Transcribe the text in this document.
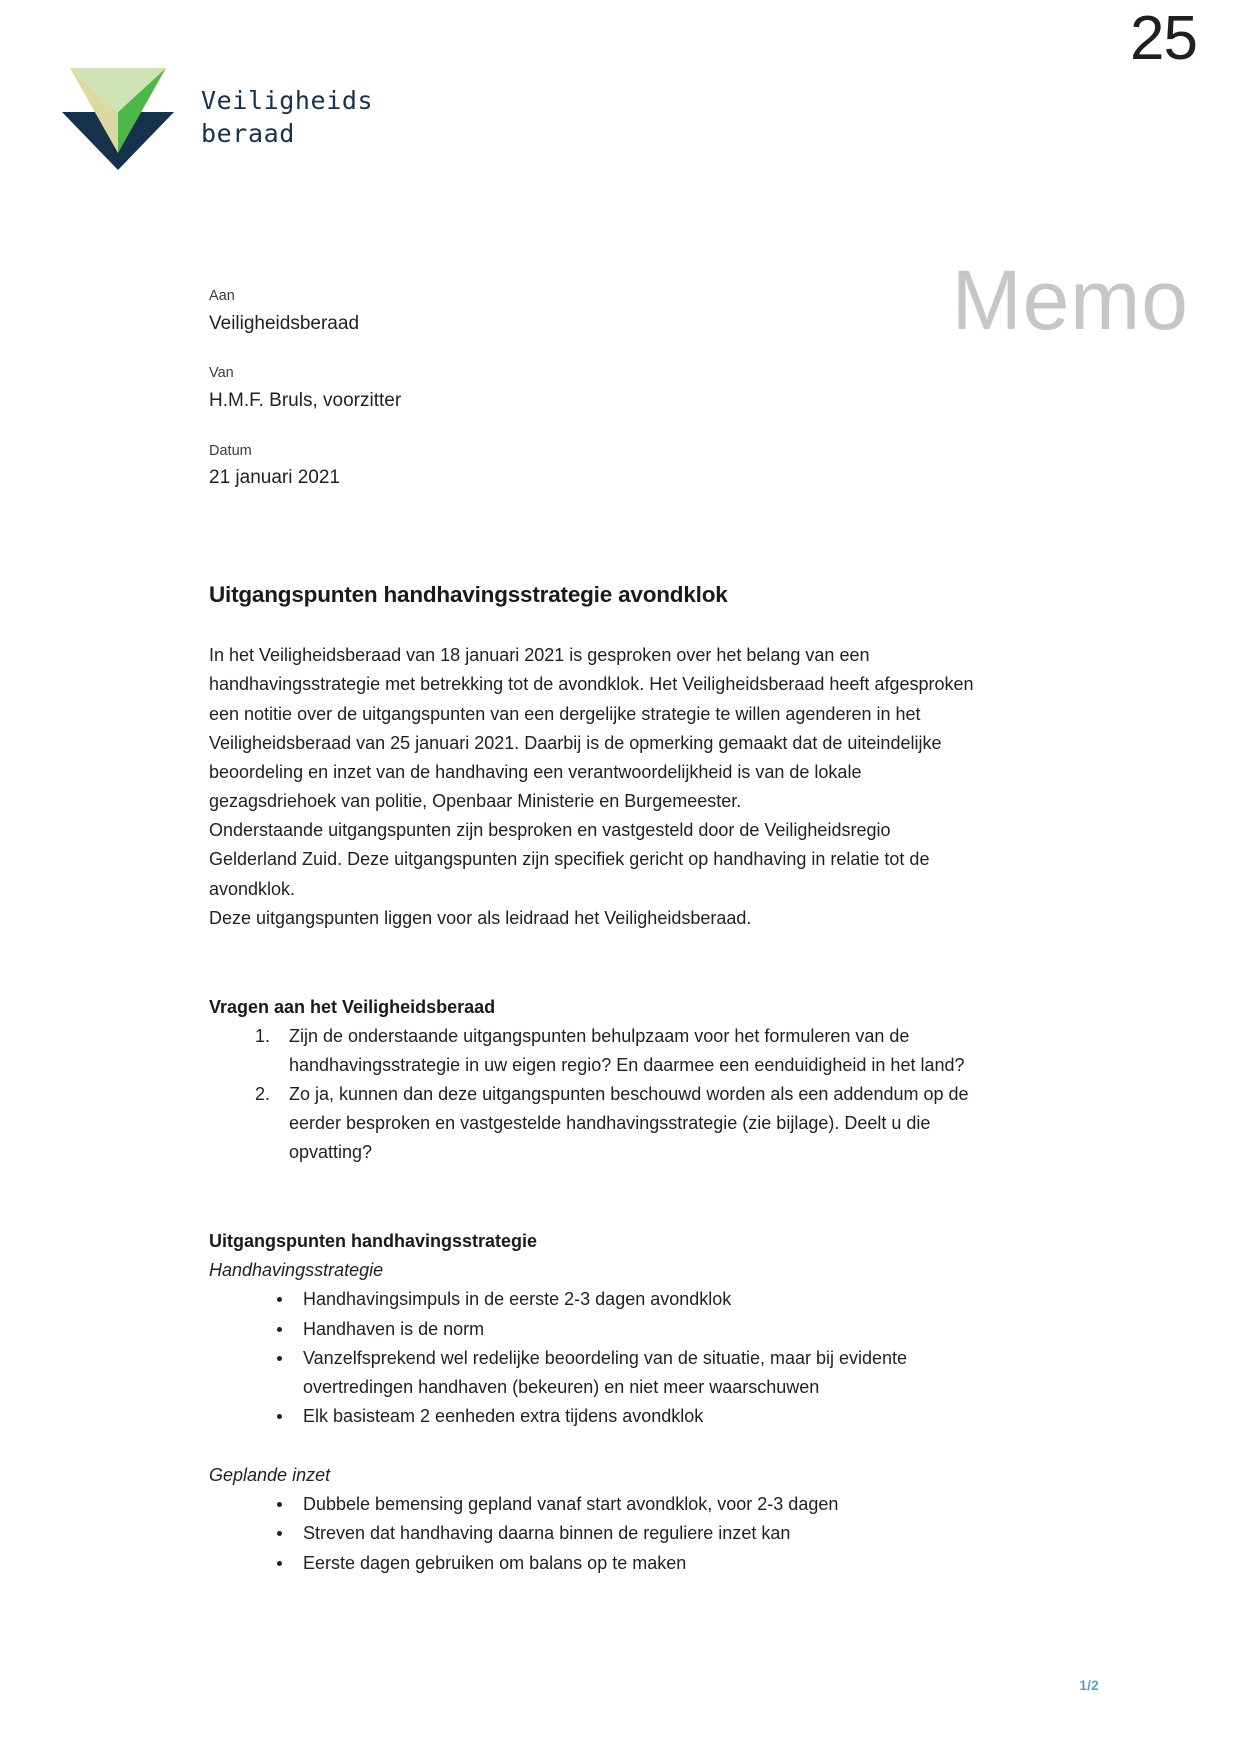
25
Veiligheids
beraad
Memo
Aan
Veiligheidsberaad
Van
H.M.F. Bruls, voorzitter
Datum
21 januari 2021
Uitgangspunten handhavingsstrategie avondklok

In het Veiligheidsberaad van 18 januari 2021 is gesproken over het belang van een handhavingsstrategie met betrekking tot de avondklok. Het Veiligheidsberaad heeft afgesproken een notitie over de uitgangspunten van een dergelijke strategie te willen agenderen in het Veiligheidsberaad van 25 januari 2021. Daarbij is de opmerking gemaakt dat de uiteindelijke beoordeling en inzet van de handhaving een verantwoordelijkheid is van de lokale gezagsdriehoek van politie, Openbaar Ministerie en Burgemeester.

Onderstaande uitgangspunten zijn besproken en vastgesteld door de Veiligheidsregio Gelderland Zuid. Deze uitgangspunten zijn specifiek gericht op handhaving in relatie tot de avondklok.

Deze uitgangspunten liggen voor als leidraad het Veiligheidsberaad.

Vragen aan het Veiligheidsberaad
1. Zijn de onderstaande uitgangspunten behulpzaam voor het formuleren van de handhavingsstrategie in uw eigen regio? En daarmee een eenduidigheid in het land?
2. Zo ja, kunnen dan deze uitgangspunten beschouwd worden als een addendum op de eerder besproken en vastgestelde handhavingsstrategie (zie bijlage). Deelt u die opvatting?
Uitgangspunten handhavingsstrategie
Handhavingsstrategie
Handhavingsimpuls in de eerste 2-3 dagen avondklok
Handhaven is de norm
Vanzelfsprekend wel redelijke beoordeling van de situatie, maar bij evidente overtredingen handhaven (bekeuren) en niet meer waarschuwen
Elk basisteam 2 eenheden extra tijdens avondklok
Geplande inzet
Dubbele bemensing gepland vanaf start avondklok, voor 2-3 dagen
Streven dat handhaving daarna binnen de reguliere inzet kan
Eerste dagen gebruiken om balans op te maken
1/2
